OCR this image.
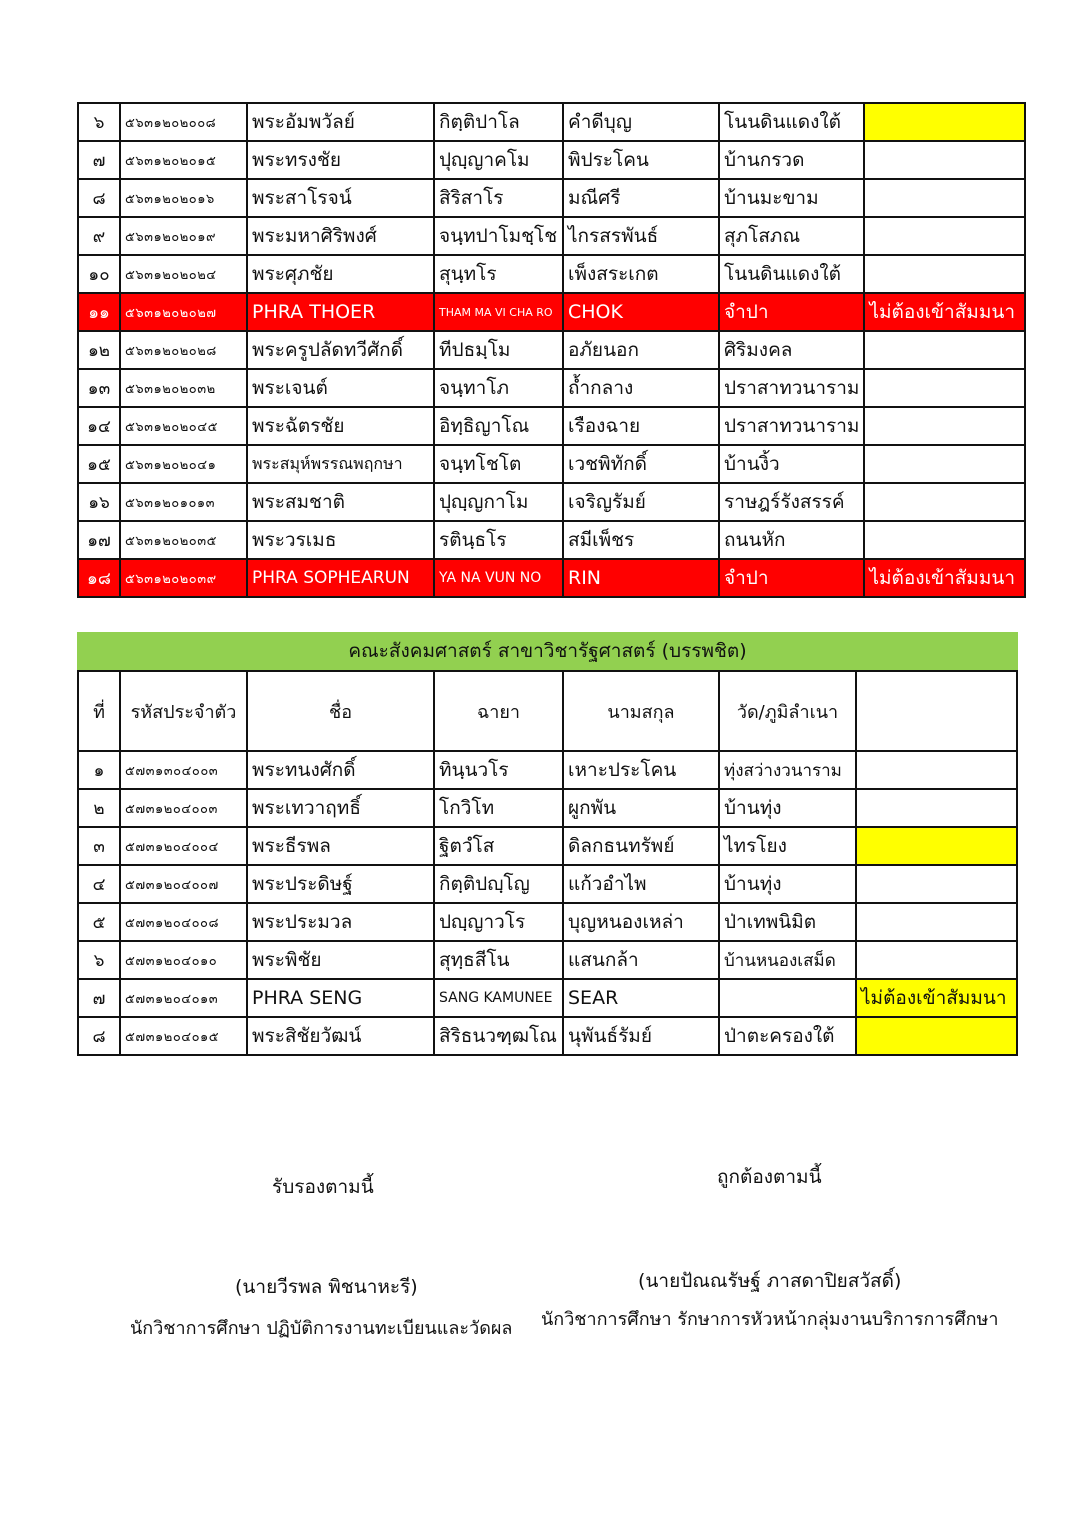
๖	๕๖๓๑๒๐๒๐๐๘	พระอัมพวัลย์	กิตฺติปาโล	คำดีบุญ	โนนดินแดงใต้	
๗	๕๖๓๑๒๐๒๐๑๕	พระทรงชัย	ปุญฺญาคโม	พิประโคน	บ้านกรวด	
๘	๕๖๓๑๒๐๒๐๑๖	พระสาโรจน์	สิริสาโร	มณีศรี	บ้านมะขาม	
๙	๕๖๓๑๒๐๒๐๑๙	พระมหาศิริพงศ์	จนฺทปาโมชฺโช	ไกรสรพันธ์	สุภโสภณ	
๑๐	๕๖๓๑๒๐๒๐๒๔	พระศุภชัย	สุนฺทโร	เพ็งสระเกต	โนนดินแดงใต้	
๑๑	๕๖๓๑๒๐๒๐๒๗	PHRA THOER	THAM MA VI CHA RO	CHOK	จำปา	ไม่ต้องเข้าสัมมนา
๑๒	๕๖๓๑๒๐๒๐๒๘	พระครูปลัดทวีศักดิ์	ทีปธมฺโม	อภัยนอก	ศิริมงคล	
๑๓	๕๖๓๑๒๐๒๐๓๒	พระเจนต์	จนฺทาโภ	ถ้ำกลาง	ปราสาทวนาราม	
๑๔	๕๖๓๑๒๐๒๐๔๕	พระฉัตรชัย	อิทฺธิญาโณ	เรืองฉาย	ปราสาทวนาราม	
๑๕	๕๖๓๑๒๐๒๐๔๑	พระสมุห์พรรณพฤกษา	จนฺทโชโต	เวชพิทักดิ์	บ้านงิ้ว	
๑๖	๕๖๓๑๒๐๑๐๑๓	พระสมชาติ	ปุญฺญกาโม	เจริญรัมย์	ราษฎร์รังสรรค์	
๑๗	๕๖๓๑๒๐๒๐๓๕	พระวรเมธ	รตินฺธโร	สมีเพ็ชร	ถนนหัก	
๑๘	๕๖๓๑๒๐๒๐๓๙	PHRA SOPHEARUN	YA NA VUN NO	RIN	จำปา	ไม่ต้องเข้าสัมมนา
คณะสังคมศาสตร์ สาขาวิชารัฐศาสตร์ (บรรพชิต)
ที่	รหัสประจำตัว	ชื่อ	ฉายา	นามสกุล	วัด/ภูมิลำเนา	
๑	๕๗๓๑๓๐๔๐๐๓	พระทนงศักดิ์	ทินฺนวโร	เหาะประโคน	ทุ่งสว่างวนาราม	
๒	๕๗๓๑๒๐๔๐๐๓	พระเทวาฤทธิ์	โกวิโท	ผูกพัน	บ้านทุ่ง	
๓	๕๗๓๑๒๐๔๐๐๔	พระธีรพล	ฐิตวํโส	ดิลกธนทรัพย์	ไทรโยง	
๔	๕๗๓๑๒๐๔๐๐๗	พระประดิษฐ์	กิตฺติปญฺโญ	แก้วอำไพ	บ้านทุ่ง	
๕	๕๗๓๑๒๐๔๐๐๘	พระประมวล	ปญฺญาวโร	บุญหนองเหล่า	ป่าเทพนิมิต	
๖	๕๗๓๑๒๐๔๐๑๐	พระพิชัย	สุทฺธสีโน	แสนกล้า	บ้านหนองเสม็ด	
๗	๕๗๓๑๒๐๔๐๑๓	PHRA SENG	SANG KAMUNEE	SEAR		ไม่ต้องเข้าสัมมนา
๘	๕๗๓๑๒๐๔๐๑๕	พระสิชัยวัฒน์	สิริธนวฑฺฒโณ	นุพันธ์รัมย์	ป่าตะครองใต้	
รับรองตามนี้	ถูกต้องตามนี้
(นายวีรพล พิชนาหะรี)	(นายปัณณรัษฐ์ ภาสดาปิยสวัสดิ์)
นักวิชาการศึกษา ปฏิบัติการงานทะเบียนและวัดผล นักวิชาการศึกษา รักษาการหัวหน้ากลุ่มงานบริการการศึกษา
